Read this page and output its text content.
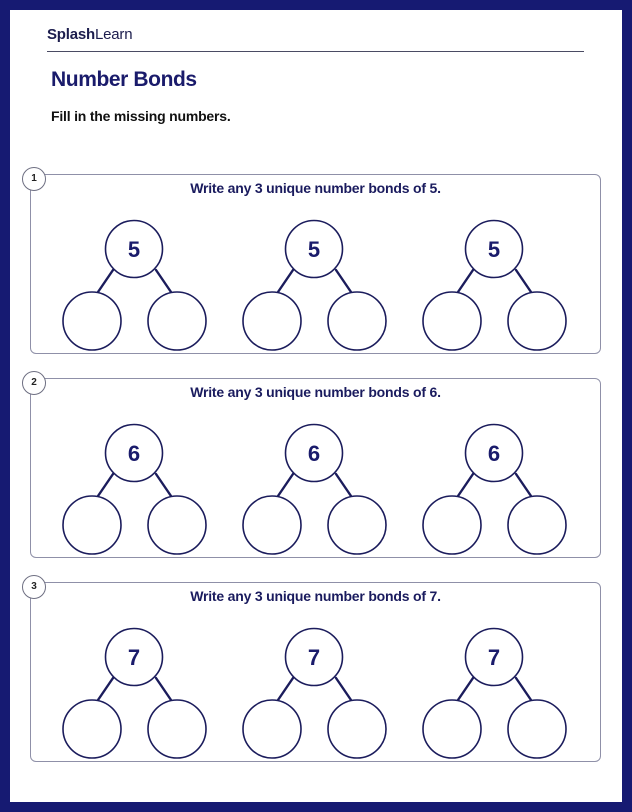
SplashLearn
Number Bonds
Fill in the missing numbers.
1
Write any 3 unique number bonds of 5.
5	5	5
2
Write any 3 unique number bonds of 6.
6	6	6
3
Write any 3 unique number bonds of 7.
7	7	7
